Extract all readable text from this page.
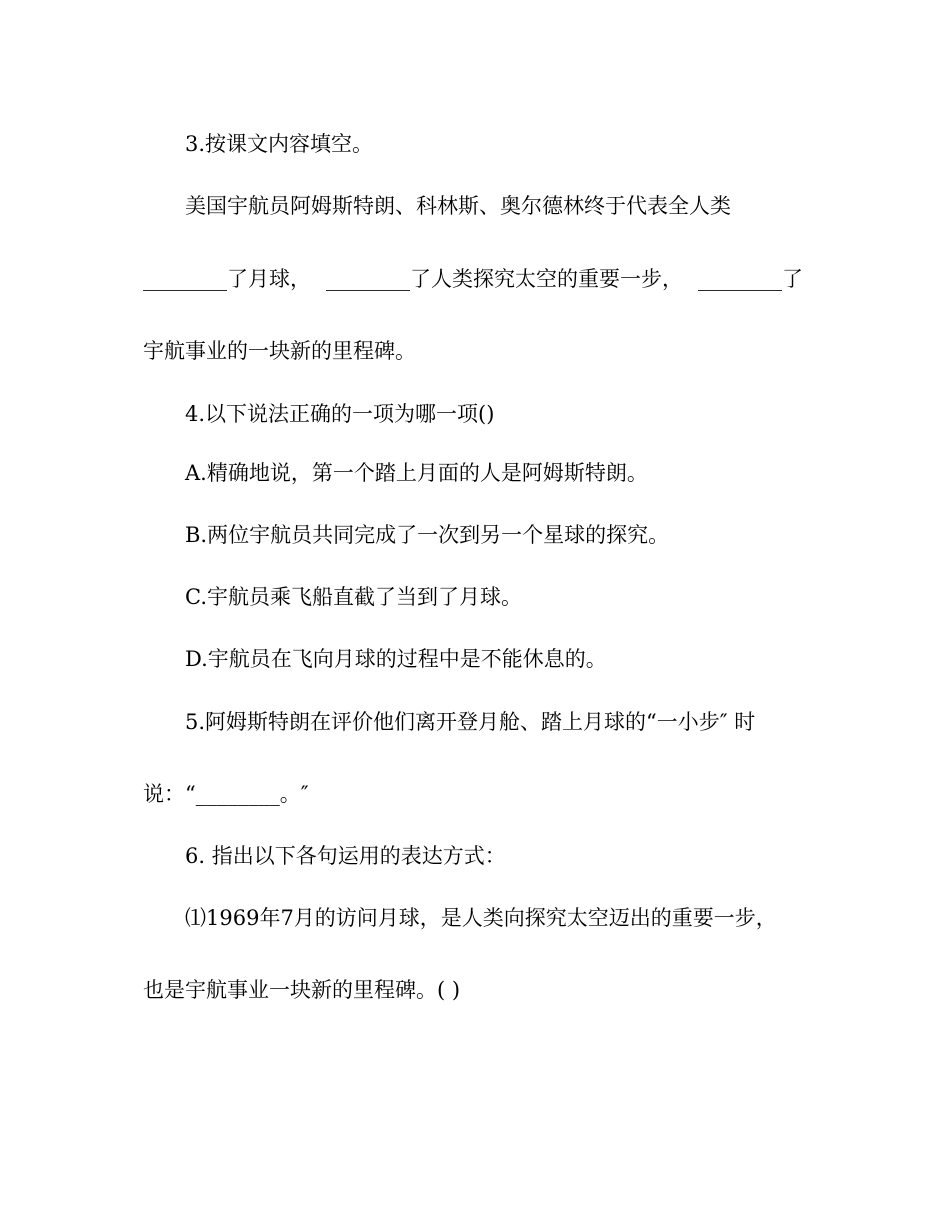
3.按课文内容填空。
美国宇航员阿姆斯特朗、科林斯、奥尔德林终于代表全人类
________了月球， ________了人类探究太空的重要一步， ________了
宇航事业的一块新的里程碑。
4.以下说法正确的一项为哪一项()
A.精确地说，第一个踏上月面的人是阿姆斯特朗。
B.两位宇航员共同完成了一次到另一个星球的探究。
C.宇航员乘飞船直截了当到了月球。
D.宇航员在飞向月球的过程中是不能休息的。
5.阿姆斯特朗在评价他们离开登月舱、踏上月球的“一小步″ 时
说：“________。″
6. 指出以下各句运用的表达方式：
⑴1969年7月的访问月球，是人类向探究太空迈出的重要一步，
也是宇航事业一块新的里程碑。( )
